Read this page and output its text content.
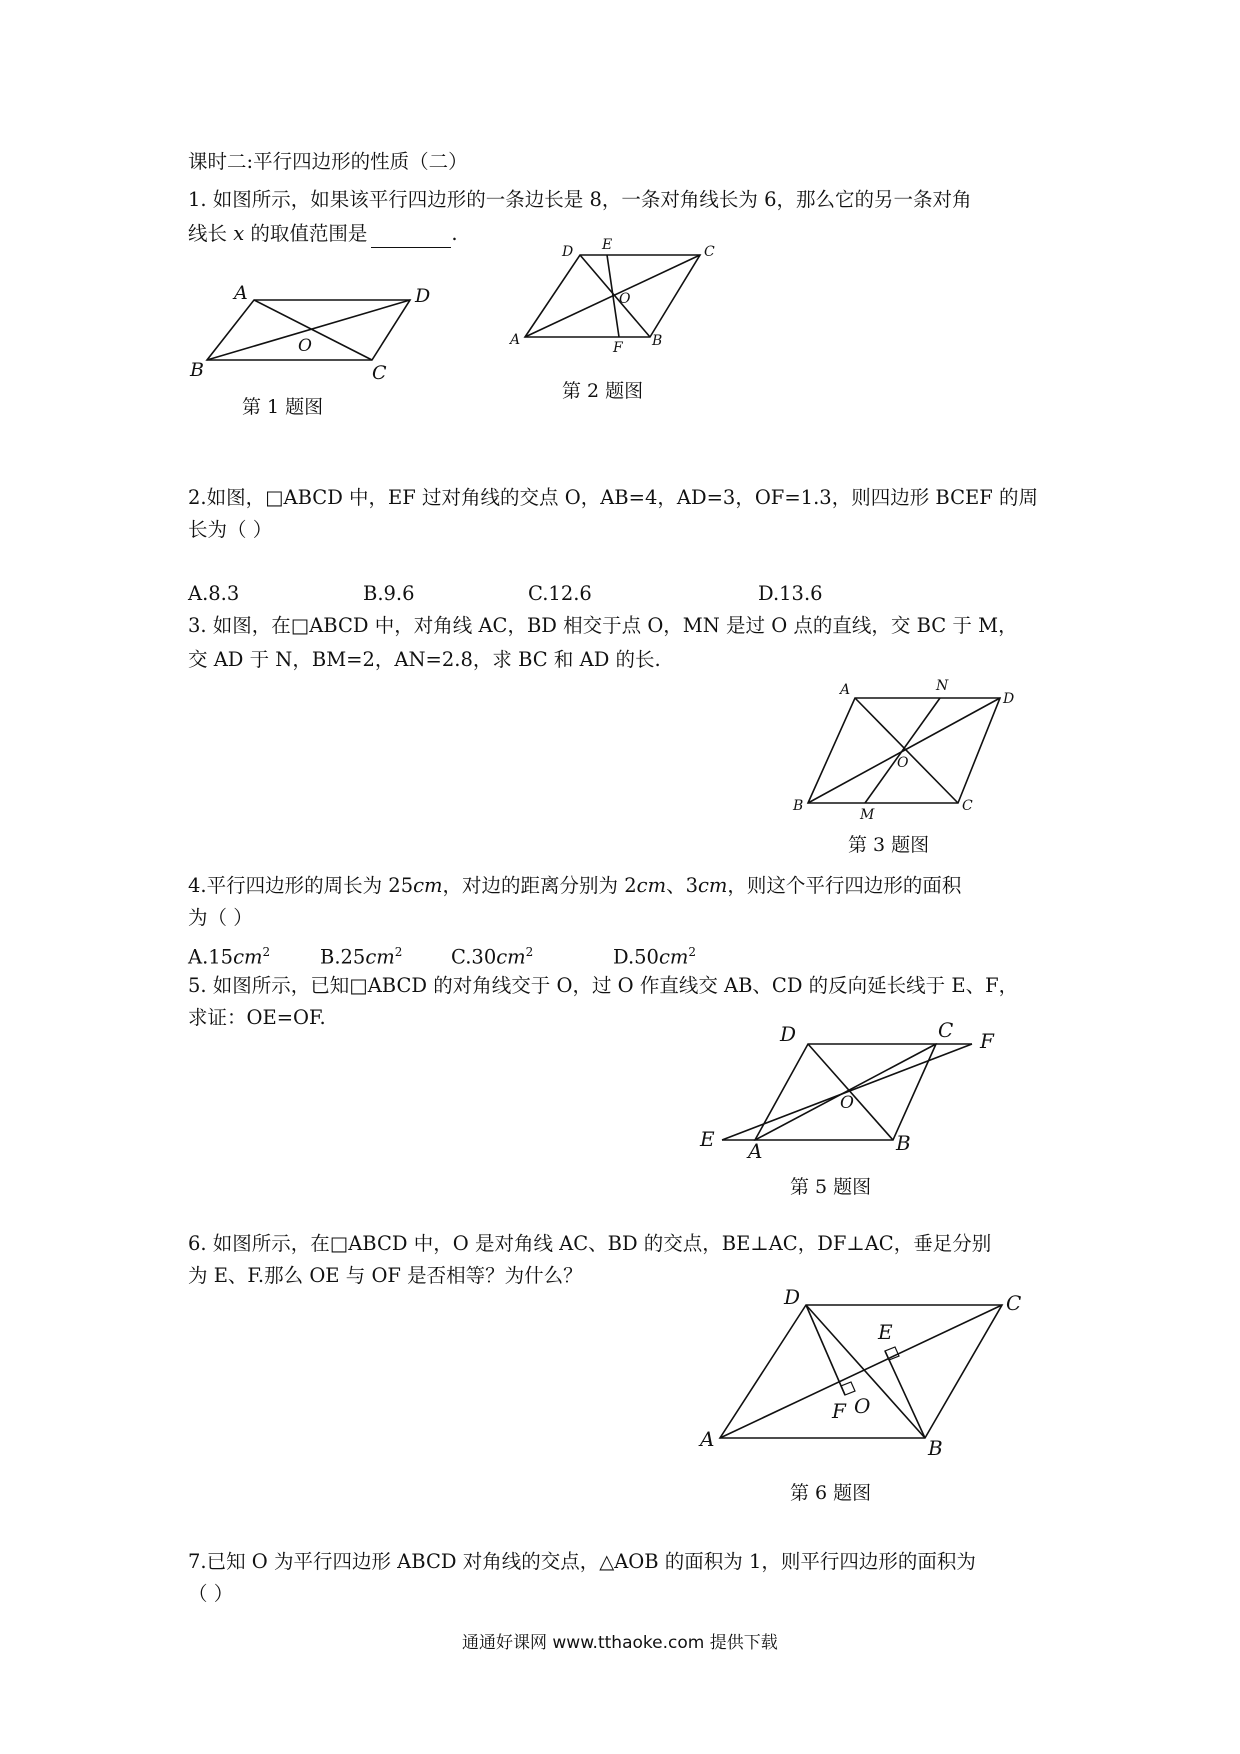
课时二:平行四边形的性质（二）
1. 如图所示，如果该平行四边形的一条边长是 8，一条对角线长为 6，那么它的另一条对角
线长 x 的取值范围是	.
A	D
B	C
O
第 1 题图
D E	C
O
A	F B
第 2 题图
2.如图，□ABCD 中，EF 过对角线的交点 O，AB=4，AD=3，OF=1.3，则四边形 BCEF 的周
长为（ ）
A.8.3	B.9.6	C.12.6	D.13.6
3. 如图，在□ABCD 中，对角线 AC，BD 相交于点 O，MN 是过 O 点的直线，交 BC 于 M，
交 AD 于 N，BM=2，AN=2.8，求 BC 和 AD 的长.
A	N
D
O
B
M
C
第 3 题图
4.平行四边形的周长为 25cm，对边的距离分别为 2cm、3cm，则这个平行四边形的面积
为（ ）
$A.15cm^2$	$B.25cm^2$ $C.30cm^2$	$D.50cm^2$
5. 如图所示，已知□ABCD 的对角线交于 O，过 O 作直线交 AB、CD 的反向延长线于 E、F，
求证：OE=OF.
D	C F
O
E A	B
第 5 题图
6. 如图所示，在□ABCD 中，O 是对角线 AC、BD 的交点，BE⊥AC，DF⊥AC，垂足分别
为 E、F.那么 OE 与 OF 是否相等？为什么？
D	C
E
F O
A	B
第 6 题图
7.已知 O 为平行四边形 ABCD 对角线的交点，△AOB 的面积为 1，则平行四边形的面积为
（ ）
通通好课网 www.tthaoke.com 提供下载
